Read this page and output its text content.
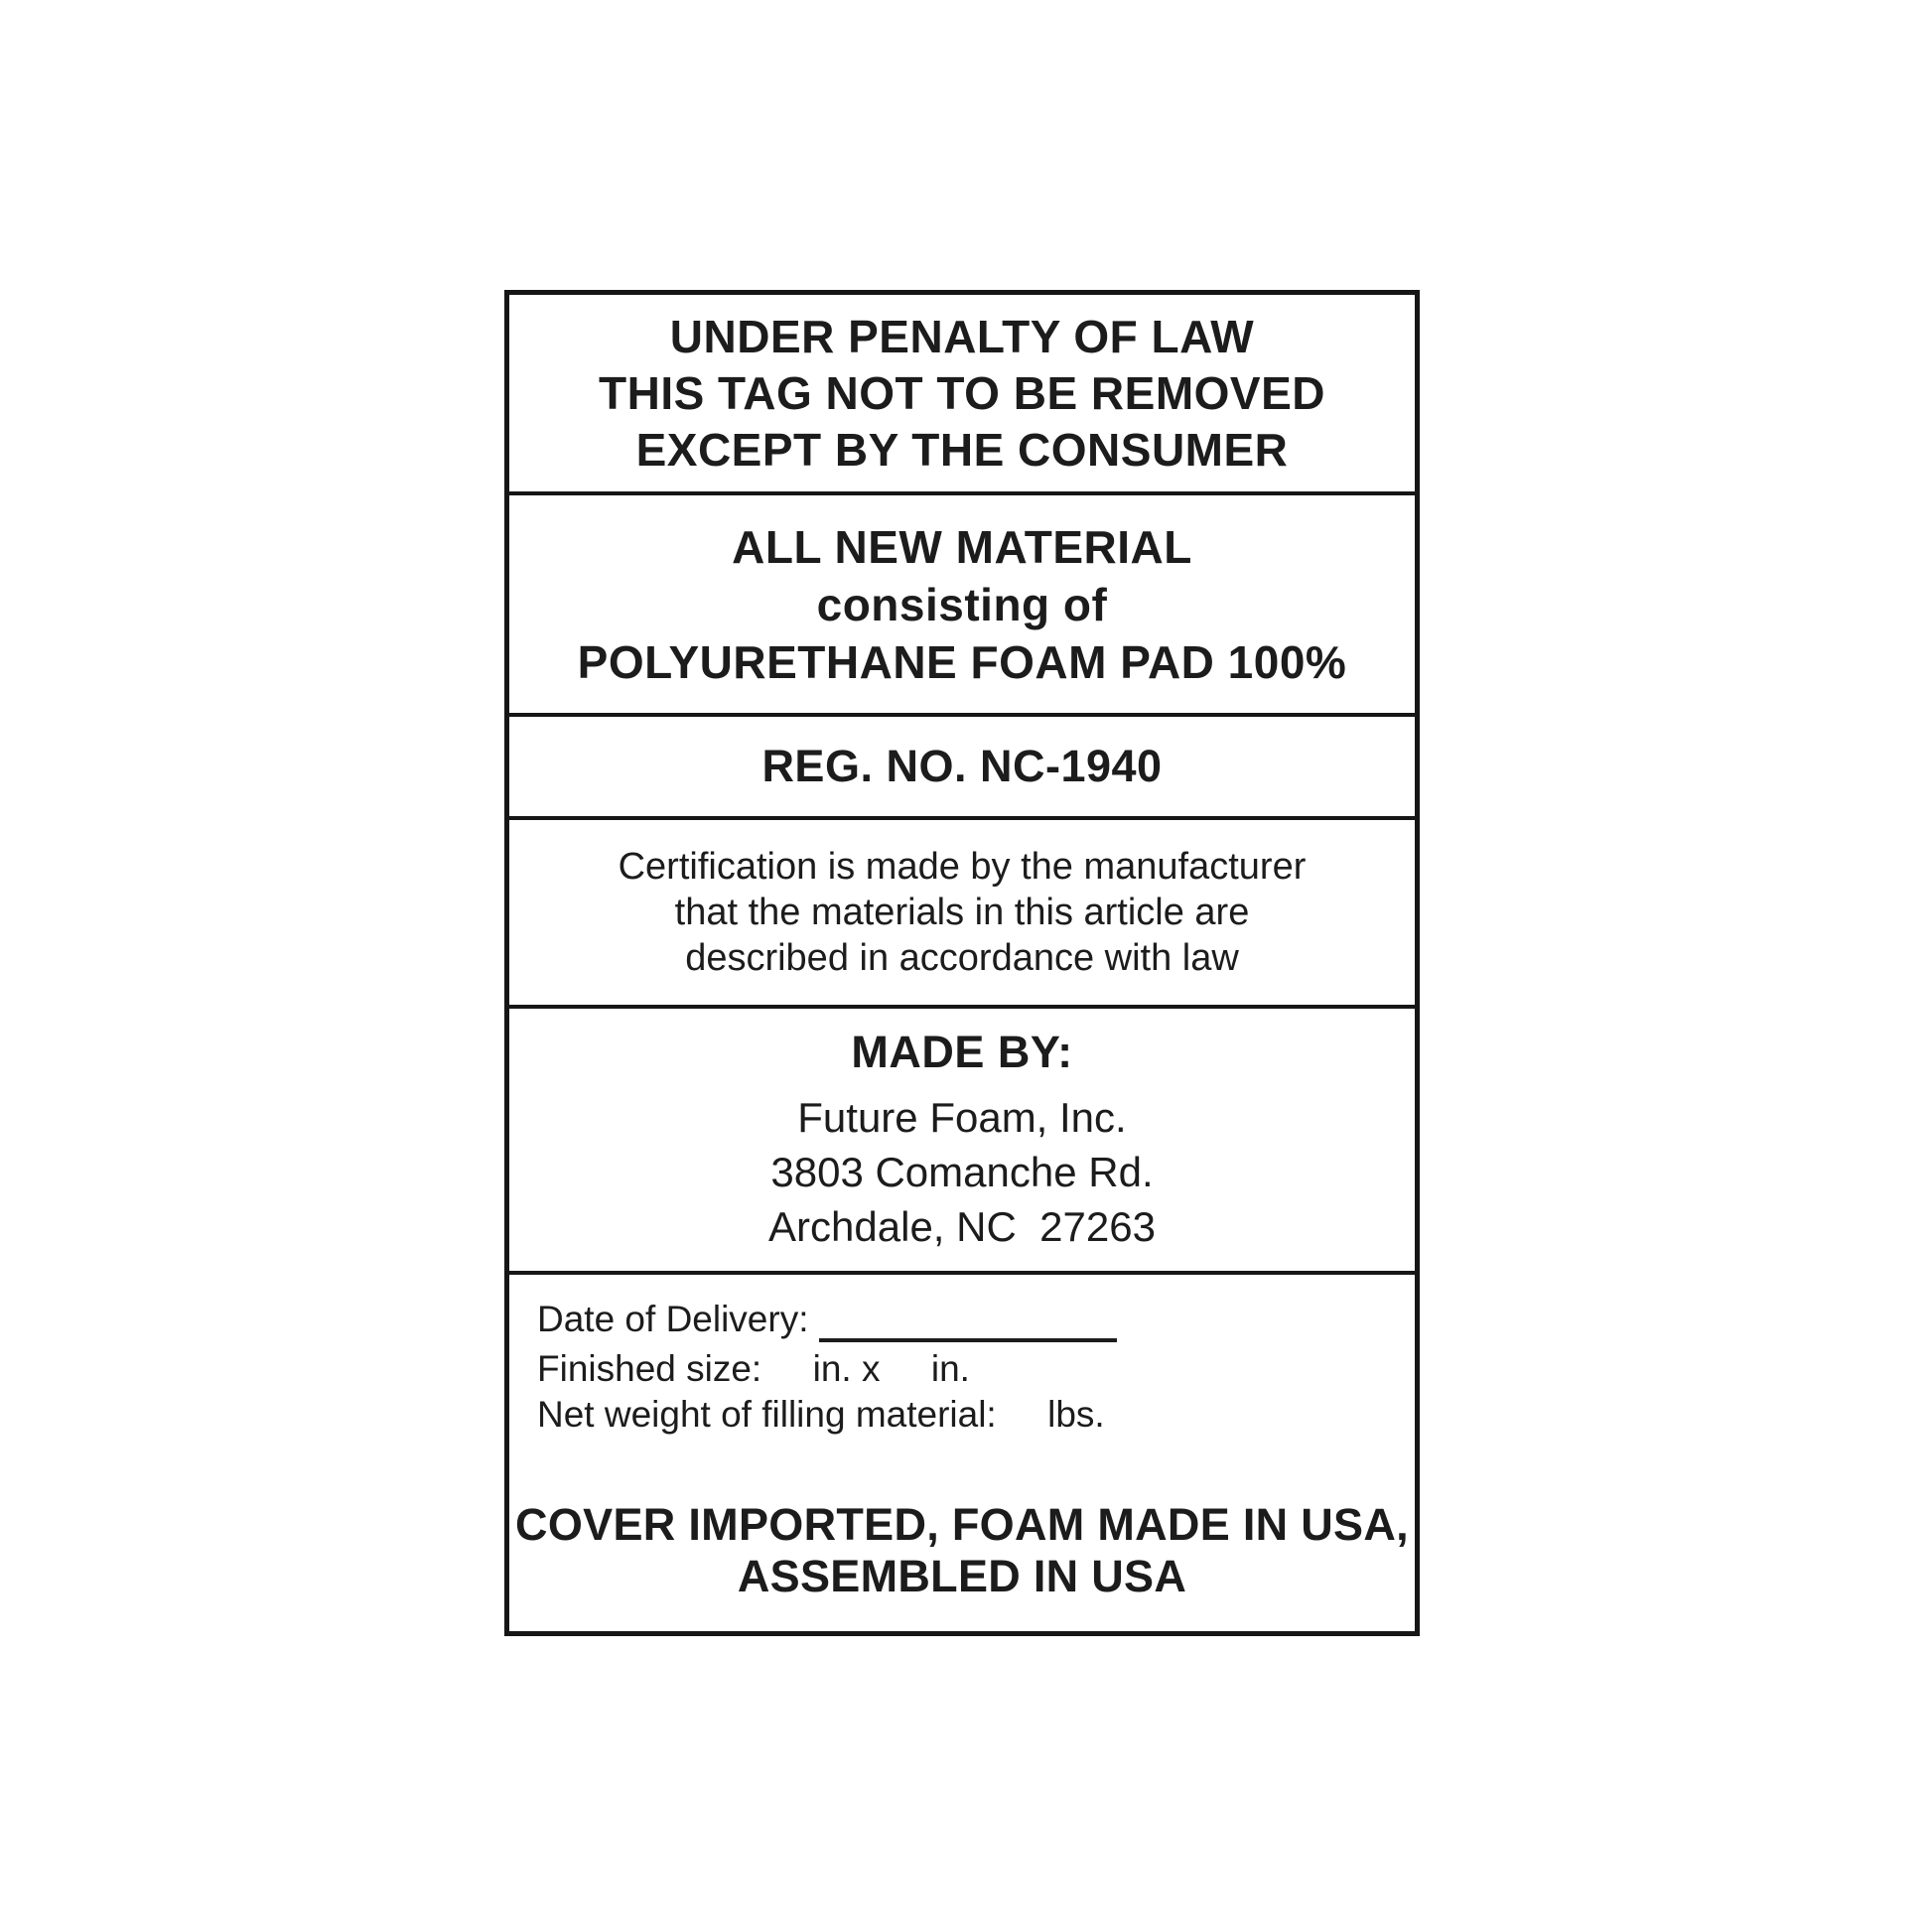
UNDER PENALTY OF LAW
THIS TAG NOT TO BE REMOVED
EXCEPT BY THE CONSUMER
ALL NEW MATERIAL
consisting of
POLYURETHANE FOAM PAD 100%
REG. NO. NC-1940
Certification is made by the manufacturer
that the materials in this article are
described in accordance with law
MADE BY:
Future Foam, Inc.
3803 Comanche Rd.
Archdale, NC  27263
Date of Delivery:
Finished size:     in. x     in.
Net weight of filling material:     lbs.
COVER IMPORTED, FOAM MADE IN USA,
ASSEMBLED IN USA
